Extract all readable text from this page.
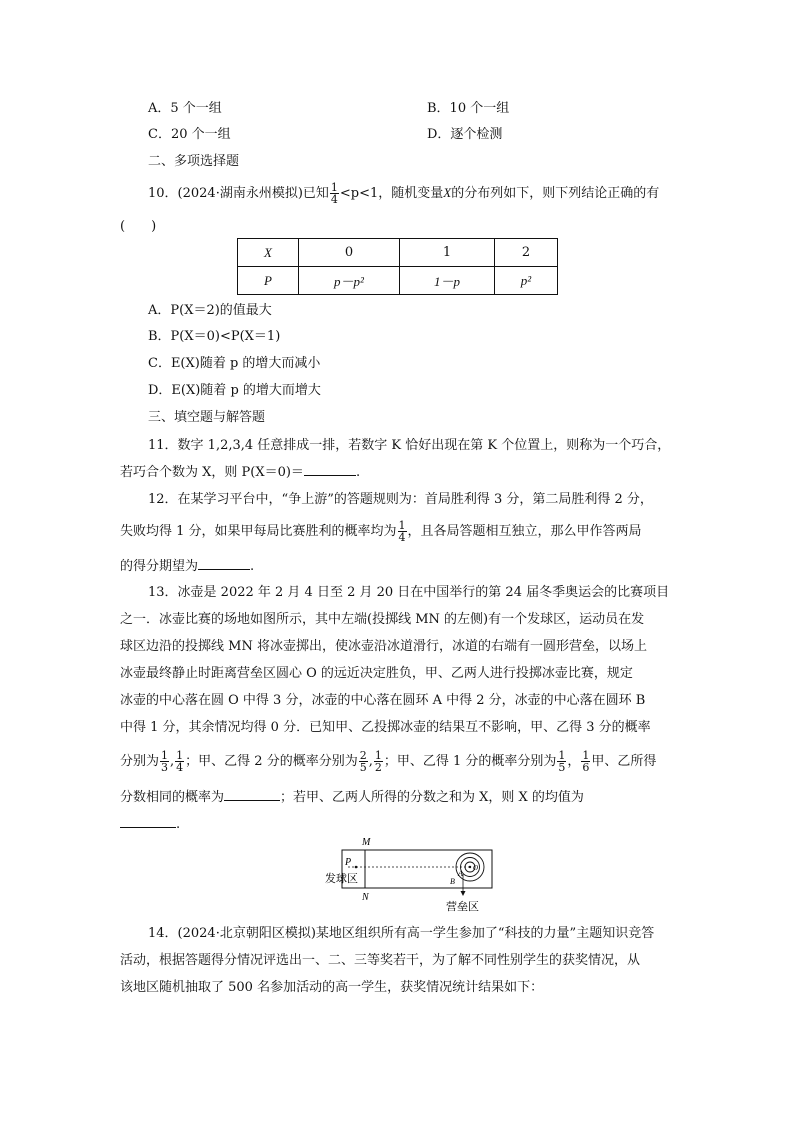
A．5 个一组	B．10 个一组
C．20 个一组	D．逐个检测
二、多项选择题
10．(2024·湖南永州模拟)已知 $\frac{1}{4} <p<1$，随机变量X的分布列如下，则下列结论正确的有
(　　)
X	0	1	2
P	p－p²	1－p	p²
A．P(X＝2)的值最大
B．P(X＝0)<P(X＝1)
C．E(X)随着 p 的增大而减小
D．E(X)随着 p 的增大而增大
三、填空题与解答题
11．数字 1,2,3,4 任意排成一排，若数字 K 恰好出现在第 K 个位置上，则称为一个巧合，
若巧合个数为 X，则 P(X＝0)＝	.
12．在某学习平台中，“争上游”的答题规则为：首局胜利得 3 分，第二局胜利得 2 分，
失败均得 1 分，如果甲每局比赛胜利的概率均为 $\frac{1}{4}$ ，且各局答题相互独立，那么甲作答两局
的得分期望为	.
13．冰壶是 2022 年 2 月 4 日至 2 月 20 日在中国举行的第 24 届冬季奥运会的比赛项目
之一．冰壶比赛的场地如图所示，其中左端(投掷线 MN 的左侧)有一个发球区，运动员在发
球区边沿的投掷线 MN 将冰壶掷出，使冰壶沿冰道滑行，冰道的右端有一圆形营垒，以场上
冰壶最终静止时距离营垒区圆心 O 的远近决定胜负，甲、乙两人进行投掷冰壶比赛，规定
冰壶的中心落在圆 O 中得 3 分，冰壶的中心落在圆环 A 中得 2 分，冰壶的中心落在圆环 B
中得 1 分，其余情况均得 0 分．已知甲、乙投掷冰壶的结果互不影响，甲、乙得 3 分的概率
分别为 $\frac{1}{3}$ , $\frac{1}{4}$ ；甲、乙得 2 分的概率分别为 $\frac{2}{5}$ , $\frac{1}{2}$ ；甲、乙得 1 分的概率分别为 $\frac{1}{5}$ ， $\frac{1}{6}$ 甲、乙所得
分数相同的概率为	；若甲、乙两人所得的分数之和为 X，则 X 的均值为
.
M
N
P
A
B
O
发球区
营垒区
14．(2024·北京朝阳区模拟)某地区组织所有高一学生参加了“科技的力量”主题知识竞答
活动，根据答题得分情况评选出一、二、三等奖若干，为了解不同性别学生的获奖情况，从
该地区随机抽取了 500 名参加活动的高一学生，获奖情况统计结果如下：
